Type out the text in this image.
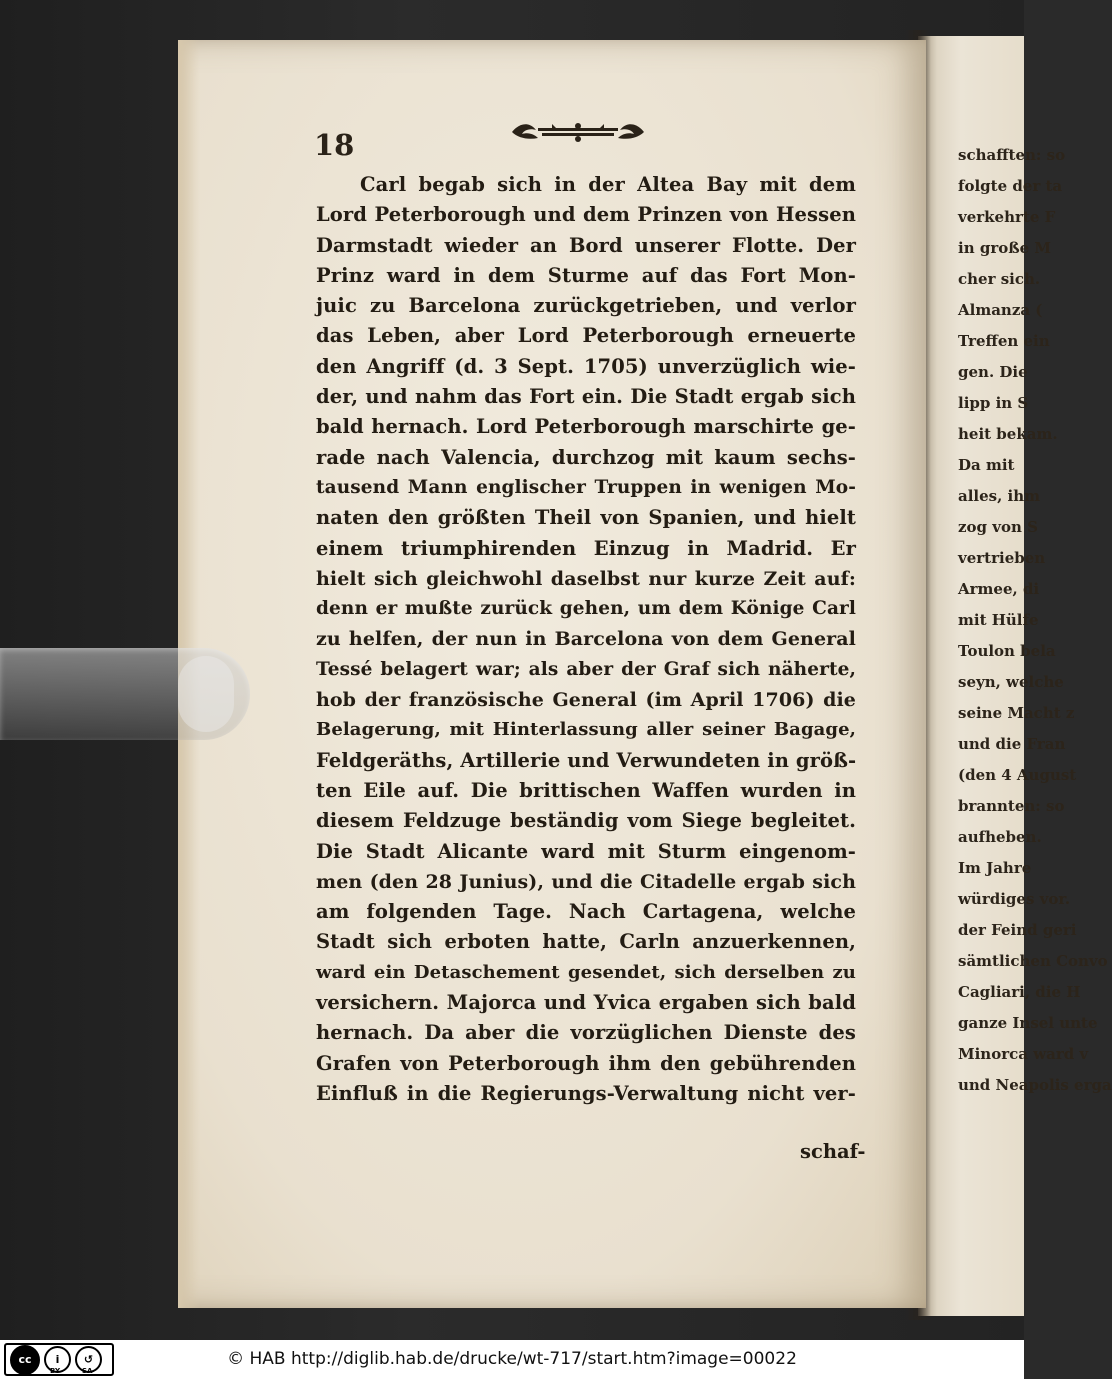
18
Carl begab sich in der Altea Bay mit dem
Lord Peterborough und dem Prinzen von Hessen
Darmstadt wieder an Bord unserer Flotte. Der
Prinz ward in dem Sturme auf das Fort Mon-
juic zu Barcelona zurückgetrieben, und verlor
das Leben, aber Lord Peterborough erneuerte
den Angriff (d. 3 Sept. 1705) unverzüglich wie-
der, und nahm das Fort ein. Die Stadt ergab sich
bald hernach. Lord Peterborough marschirte ge-
rade nach Valencia, durchzog mit kaum sechs-
tausend Mann englischer Truppen in wenigen Mo-
naten den größten Theil von Spanien, und hielt
einem triumphirenden Einzug in Madrid. Er
hielt sich gleichwohl daselbst nur kurze Zeit auf:
denn er mußte zurück gehen, um dem Könige Carl
zu helfen, der nun in Barcelona von dem General
Tessé belagert war; als aber der Graf sich näherte,
hob der französische General (im April 1706) die
Belagerung, mit Hinterlassung aller seiner Bagage,
Feldgeräths, Artillerie und Verwundeten in größ-
ten Eile auf. Die brittischen Waffen wurden in
diesem Feldzuge beständig vom Siege begleitet.
Die Stadt Alicante ward mit Sturm eingenom-
men (den 28 Junius), und die Citadelle ergab sich
am folgenden Tage. Nach Cartagena, welche
Stadt sich erboten hatte, Carln anzuerkennen,
ward ein Detaschement gesendet, sich derselben zu
versichern. Majorca und Yvica ergaben sich bald
hernach. Da aber die vorzüglichen Dienste des
Grafen von Peterborough ihm den gebührenden
Einfluß in die Regierungs-Verwaltung nicht ver-
schaf-
schafften: so
folgte der ta
verkehrte F
in große M
cher sich.
Almanza (
Treffen ein
gen. Die
lipp in S
heit bekam.
Da mit
alles, ihm
zog von S
vertrieben
Armee, di
mit Hülfe
Toulon bela
seyn, welche
seine Macht z
und die Fran
(den 4 August
brannten: so
aufheben.
Im Jahre
würdiges vor.
der Feind geri
sämtlichen Convo
Cagliari, die H
ganze Insel unte
Minorca ward v
und Neapolis erga
cc	i	↺
BY	SA
© HAB http://diglib.hab.de/drucke/wt-717/start.htm?image=00022
